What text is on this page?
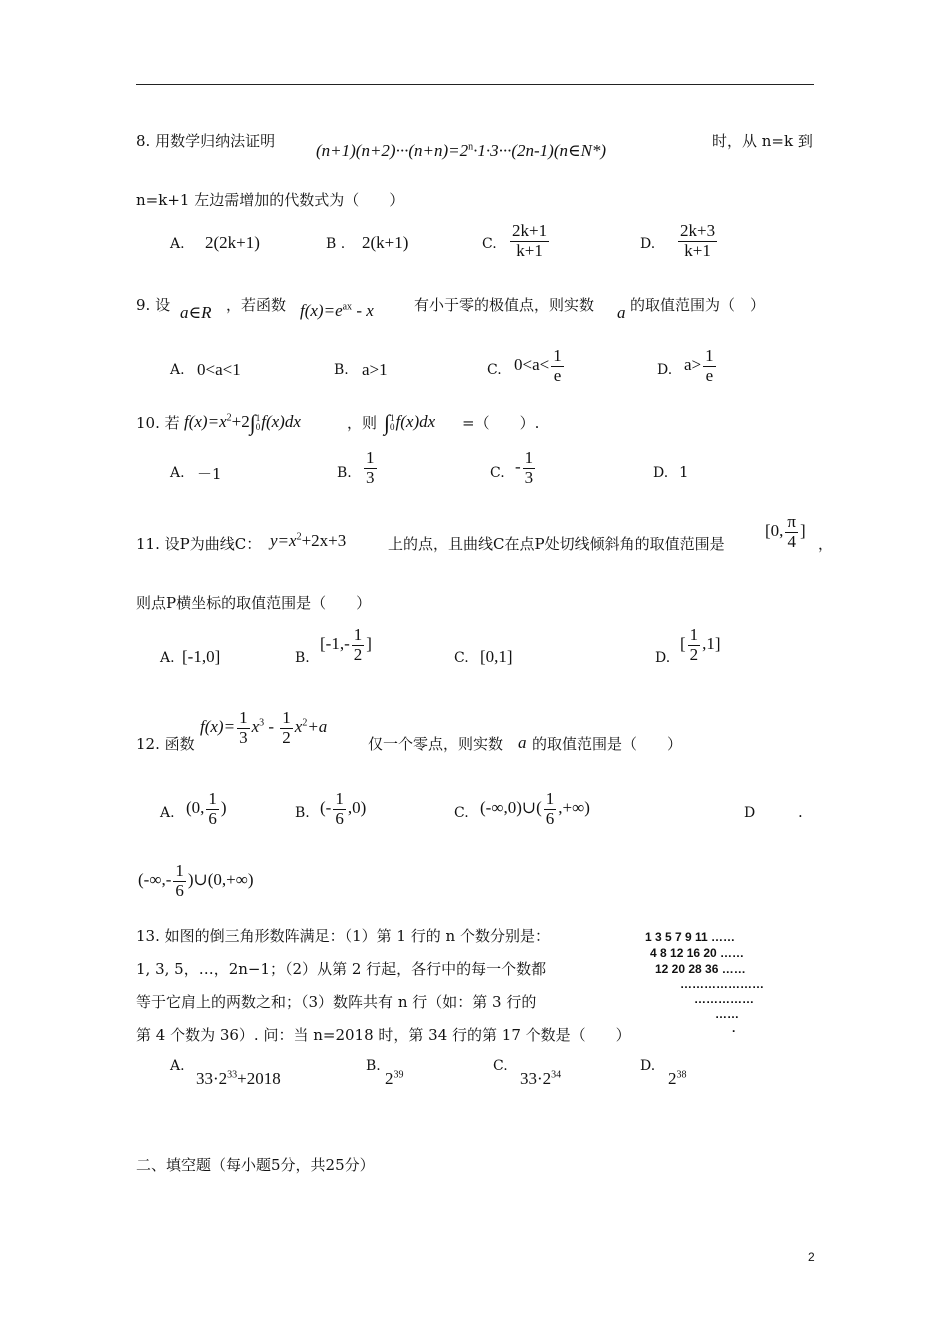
8. 用数学归纳法证明 $(n+1)(n+2)\cdot\cdot\cdot(n+n)=2^n\cdot 1\cdot 3\cdot\cdot\cdot(2n-1)(n\in N*)$	时，从 n=k 到
n=k+1 左边需增加的代数式为（　　）
A. 2(2k+1)	B . 2(k+1)	C. $\frac{2k+1}{k+1}$	D. $\frac{2k+3}{k+1}$
9. 设 a∈R ，若函数 $f(x)=e^{ax} - x$	有小于零的极值点，则实数 a 的取值范围为（　）
A. 0<a<1	B. a>1	C. $0<a< \frac{1}{e}$	D. $a> \frac{1}{e}$
10. 若 $f(x)=x^2+2\int$ 1
0 f(x)dx	，则 ∫ 1
0 f(x)dx =（　　）.
A. －1	B. $\frac{1}{3}$	C. - $\frac{1}{3}$	D. 1
11. 设P为曲线C： $y=x^2+2x+3$	上的点，且曲线C在点P处切线倾斜角的取值范围是
[0, $\frac{\pi}{4}$ ]
，
则点P横坐标的取值范围是（　　）
A. [-1,0]	B.
[$-1,- \frac{1}{2}$ ]
C. [0,1]	D.
[ $\frac{1}{2} ,1$]
12. 函数
$f(x)= \frac{1}{3} x^3 - \frac{1}{2} x^2+a$
仅一个零点，则实数 a 的取值范围是（　　）
A. (0, $\frac{1}{6}$ )	B. (- $\frac{1}{6} ,0$)	C. (-∞,0)∪( $\frac{1}{6}$ ,+∞)	D	.
(-∞,- $\frac{1}{6}$ )∪(0,+∞)
13. 如图的倒三角形数阵满足：（1）第 1 行的 n 个数分别是：
1, 3, 5，…，2n−1；（2）从第 2 行起，各行中的每一个数都
等于它肩上的两数之和；（3）数阵共有 n 行（如：第 3 行的
第 4 个数为 36）. 问：当 n=2018 时，第 34 行的第 17 个数是（　　）
1 3 5 7 9 11 ……
4 8 12 16 20 ……
12 20 28 36 ……
…………………
……………
……
.
A.
$33\cdot 2^{33}+2018$
B.
$2^{39}$
C.
$33\cdot 2^{34}$
D.
$2^{38}$
二、填空题（每小题5分，共25分）
2
